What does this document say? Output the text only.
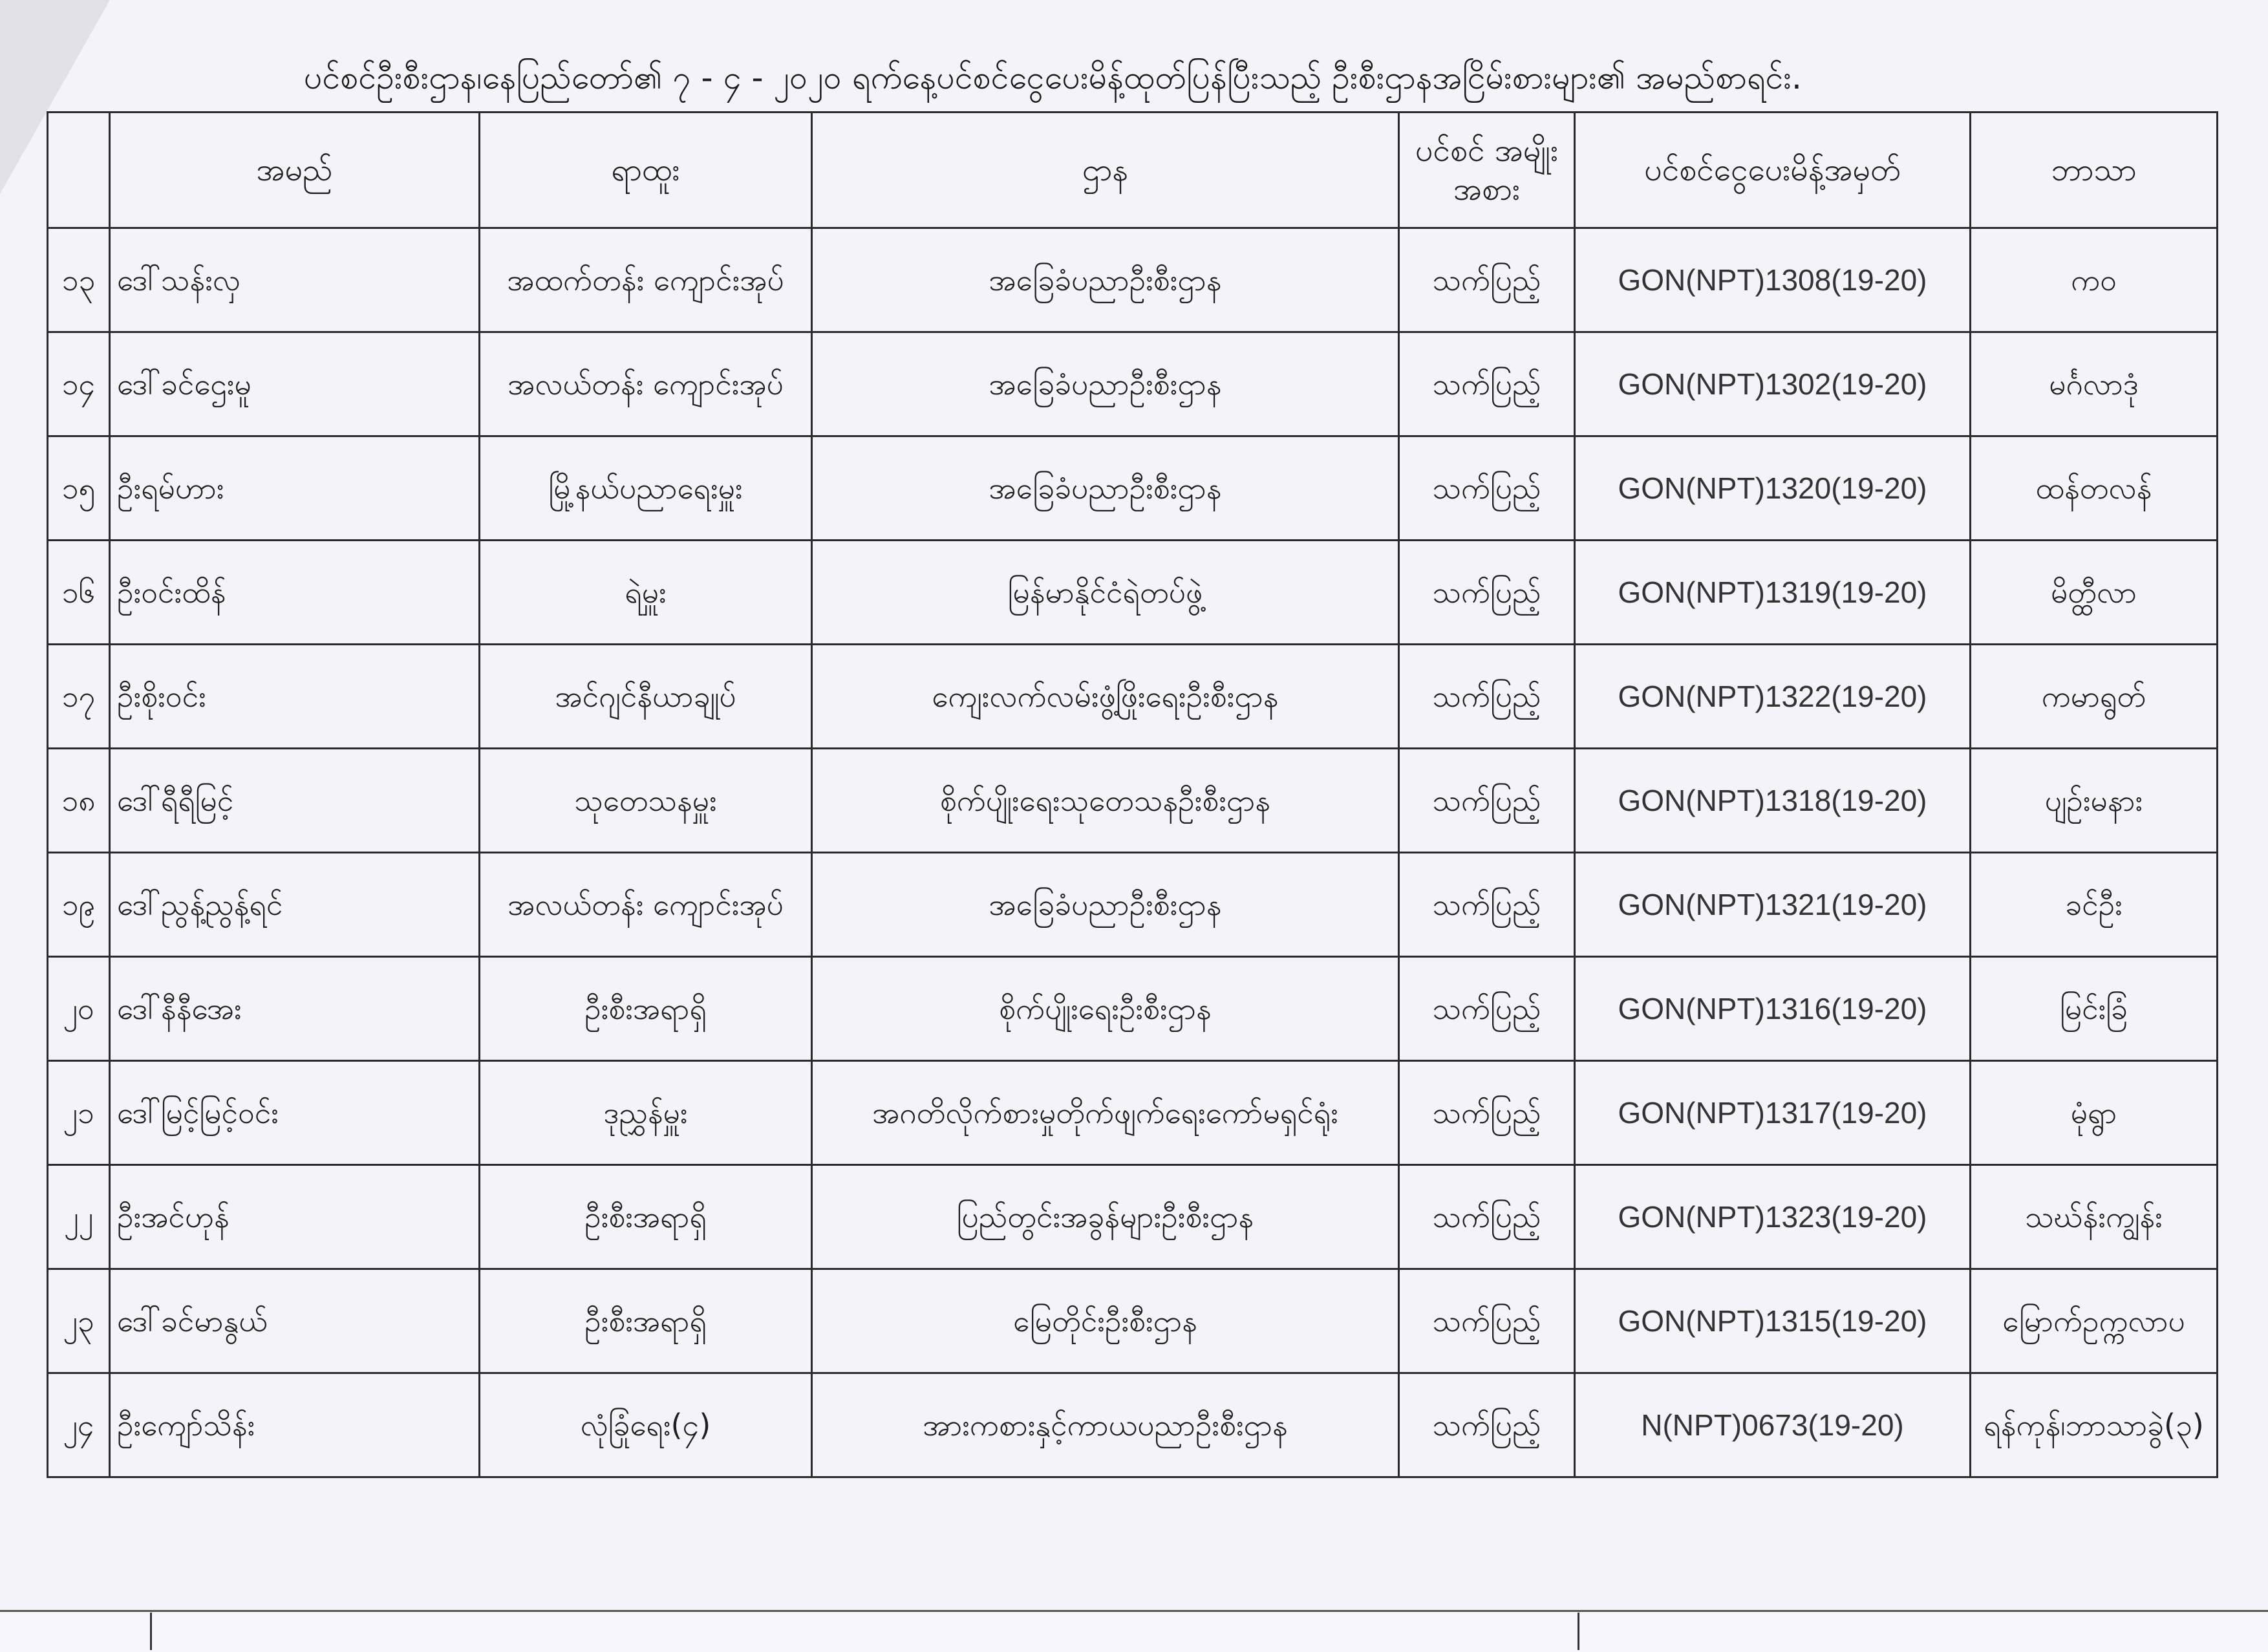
ပင်စင်ဦးစီးဌာန၊နေပြည်တော်၏ ၇ - ၄ - ၂၀၂၀ ရက်နေ့ပင်စင်ငွေပေးမိန့်ထုတ်ပြန်ပြီးသည့် ဦးစီးဌာနအငြိမ်းစားများ၏ အမည်စာရင်း.
	အမည်	ရာထူး	ဌာန	ပင်စင် အမျိုးအစား	ပင်စင်ငွေပေးမိန့်အမှတ်	ဘာသာ
၁၃	ဒေါ်သန်းလှ	အထက်တန်း ကျောင်းအုပ်	အခြေခံပညာဦးစီးဌာန	သက်ပြည့်	GON(NPT)1308(19-20)	ကဝ
၁၄	ဒေါ်ခင်ဌေးမူ	အလယ်တန်း ကျောင်းအုပ်	အခြေခံပညာဦးစီးဌာန	သက်ပြည့်	GON(NPT)1302(19-20)	မင်္ဂလာဒုံ
၁၅	ဦးရမ်ဟား	မြို့နယ်ပညာရေးမှူး	အခြေခံပညာဦးစီးဌာန	သက်ပြည့်	GON(NPT)1320(19-20)	ထန်တလန်
၁၆	ဦးဝင်းထိန်	ရဲမှူး	မြန်မာနိုင်ငံရဲတပ်ဖွဲ့	သက်ပြည့်	GON(NPT)1319(19-20)	မိတ္ထီလာ
၁၇	ဦးစိုးဝင်း	အင်ဂျင်နီယာချုပ်	ကျေးလက်လမ်းဖွံ့ဖြိုးရေးဦးစီးဌာန	သက်ပြည့်	GON(NPT)1322(19-20)	ကမာရွတ်
၁၈	ဒေါ်ရီရီမြင့်	သုတေသနမှူး	စိုက်ပျိုးရေးသုတေသနဦးစီးဌာန	သက်ပြည့်	GON(NPT)1318(19-20)	ပျဉ်းမနား
၁၉	ဒေါ်ညွန့်ညွန့်ရင်	အလယ်တန်း ကျောင်းအုပ်	အခြေခံပညာဦးစီးဌာန	သက်ပြည့်	GON(NPT)1321(19-20)	ခင်ဦး
၂၀	ဒေါ်နီနီအေး	ဦးစီးအရာရှိ	စိုက်ပျိုးရေးဦးစီးဌာန	သက်ပြည့်	GON(NPT)1316(19-20)	မြင်းခြံ
၂၁	ဒေါ်မြင့်မြင့်ဝင်း	ဒုညွှန်မှူး	အဂတိလိုက်စားမှုတိုက်ဖျက်ရေးကော်မရှင်ရုံး	သက်ပြည့်	GON(NPT)1317(19-20)	မုံရွာ
၂၂	ဦးအင်ဟုန်	ဦးစီးအရာရှိ	ပြည်တွင်းအခွန်များဦးစီးဌာန	သက်ပြည့်	GON(NPT)1323(19-20)	သဃ်န်းကျွန်း
၂၃	ဒေါ်ခင်မာနွယ်	ဦးစီးအရာရှိ	မြေတိုင်းဦးစီးဌာန	သက်ပြည့်	GON(NPT)1315(19-20)	မြောက်ဥက္ကလာပ
၂၄	ဦးကျော်သိန်း	လုံခြုံရေး(၄)	အားကစားနှင့်ကာယပညာဦးစီးဌာန	သက်ပြည့်	N(NPT)0673(19-20)	ရန်ကုန်၊ဘာသာခွဲ(၃)
